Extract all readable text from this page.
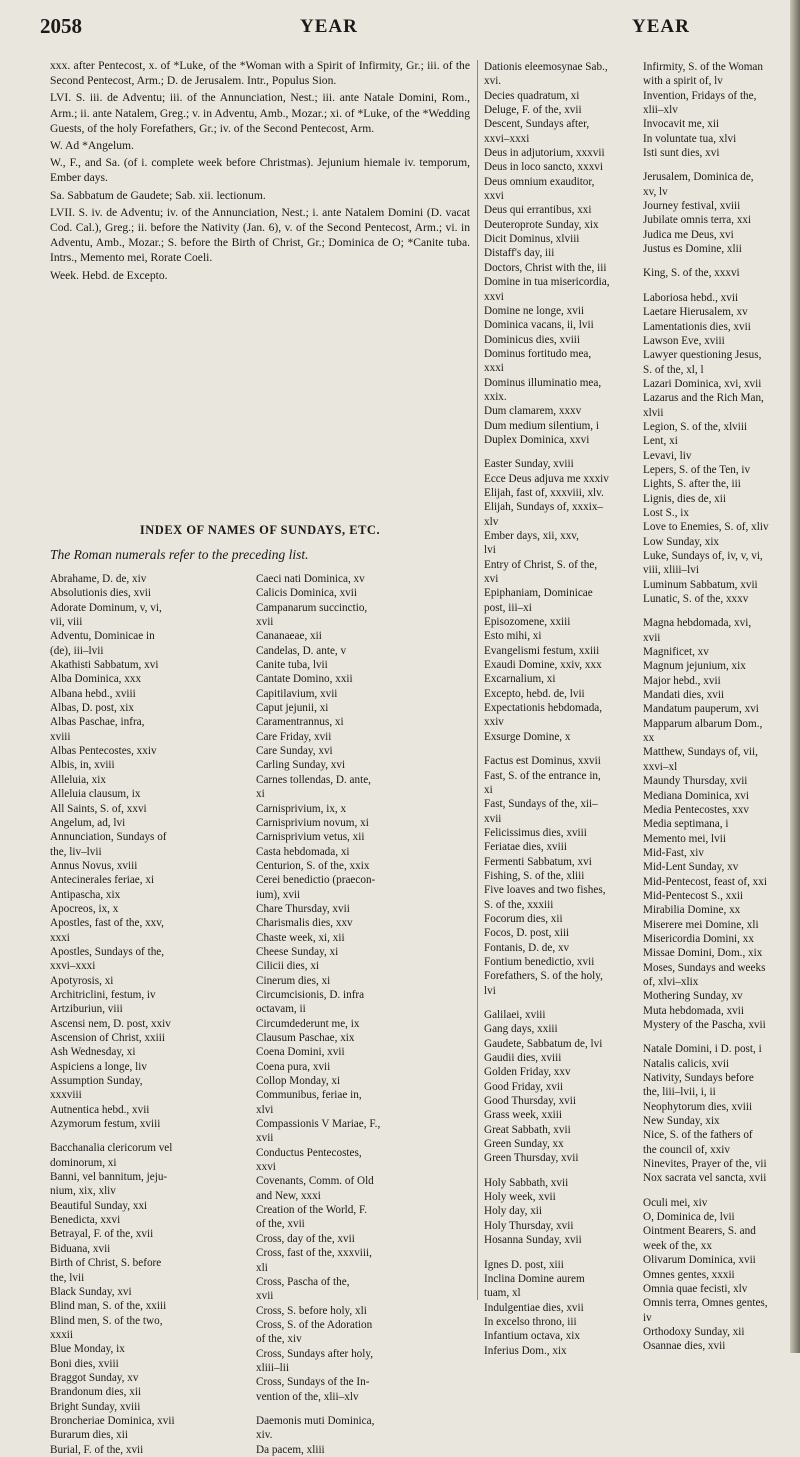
2058	YEAR	YEAR

xxx. after Pentecost, x. of *Luke, of the *Woman with a Spirit of Infirmity, Gr.; iii. of the Second Pentecost, Arm.; D. de Jerusalem. Intr., Populus Sion.

LVI. S. iii. de Adventu; iii. of the Annunciation, Nest.; iii. ante Natale Domini, Rom., Arm.; ii. ante Natalem, Greg.; v. in Adventu, Amb., Mozar.; xi. of *Luke, of the *Wedding Guests, of the holy Forefathers, Gr.; iv. of the Second Pentecost, Arm.

W. Ad *Angelum.

W., F., and Sa. (of i. complete week before Christmas). Jejunium hiemale iv. temporum, Ember days.

Sa. Sabbatum de Gaudete; Sab. xii. lectionum.

LVII. S. iv. de Adventu; iv. of the Annunciation, Nest.; i. ante Natalem Domini (D. vacat Cod. Cal.), Greg.; ii. before the Nativity (Jan. 6), v. of the Second Pentecost, Arm.; vi. in Adventu, Amb., Mozar.; S. before the Birth of Christ, Gr.; Dominica de O; *Canite tuba. Intrs., Memento mei, Rorate Coeli.

Week. Hebd. de Excepto.

INDEX OF NAMES OF SUNDAYS, ETC.
The Roman numerals refer to the preceding list.
Abrahame, D. de, xiv
Absolutionis dies, xvii
Adorate Dominum, v, vi,
vii, viii
Adventu, Dominicae in
(de), iii–lvii
Akathisti Sabbatum, xvi
Alba Dominica, xxx
Albana hebd., xviii
Albas, D. post, xix
Albas Paschae, infra,
xviii
Albas Pentecostes, xxiv
Albis, in, xviii
Alleluia, xix
Alleluia clausum, ix
All Saints, S. of, xxvi
Angelum, ad, lvi
Annunciation, Sundays of
the, liv–lvii
Annus Novus, xviii
Antecinerales feriae, xi
Antipascha, xix
Apocreos, ix, x
Apostles, fast of the, xxv,
xxxi
Apostles, Sundays of the,
xxvi–xxxi
Apotyrosis, xi
Architriclini, festum, iv
Artziburiun, viii
Ascensi nem, D. post, xxiv
Ascension of Christ, xxiii
Ash Wednesday, xi
Aspiciens a longe, liv
Assumption Sunday,
xxxviii
Autnentica hebd., xvii
Azymorum festum, xviii
Bacchanalia clericorum vel
dominorum, xi
Banni, vel bannitum, jeju-
nium, xix, xliv
Beautiful Sunday, xxi
Benedicta, xxvi
Betrayal, F. of the, xvii
Biduana, xvii
Birth of Christ, S. before
the, lvii
Black Sunday, xvi
Blind man, S. of the, xxiii
Blind men, S. of the two,
xxxii
Blue Monday, ix
Boni dies, xviii
Braggot Sunday, xv
Brandonum dies, xii
Bright Sunday, xviii
Broncheriae Dominica, xvii
Burarum dies, xii
Burial, F. of the, xvii
Caeci nati Dominica, xv
Calicis Dominica, xvii
Campanarum succinctio,
xvii
Cananaeae, xii
Candelas, D. ante, v
Canite tuba, lvii
Cantate Domino, xxii
Capitilavium, xvii
Caput jejunii, xi
Caramentrannus, xi
Care Friday, xvii
Care Sunday, xvi
Carling Sunday, xvi
Carnes tollendas, D. ante,
xi
Carnisprivium, ix, x
Carnisprivium novum, xi
Carnisprivium vetus, xii
Casta hebdomada, xi
Centurion, S. of the, xxix
Cerei benedictio (praecon-
ium), xvii
Chare Thursday, xvii
Charismalis dies, xxv
Chaste week, xi, xii
Cheese Sunday, xi
Cilicii dies, xi
Cinerum dies, xi
Circumcisionis, D. infra
octavam, ii
Circumdederunt me, ix
Clausum Paschae, xix
Coena Domini, xvii
Coena pura, xvii
Collop Monday, xi
Communibus, feriae in,
xlvi
Compassionis V Mariae, F.,
xvii
Conductus Pentecostes,
xxvi
Covenants, Comm. of Old
and New, xxxi
Creation of the World, F.
of the, xvii
Cross, day of the, xvii
Cross, fast of the, xxxviii,
xli
Cross, Pascha of the,
xvii
Cross, S. before holy, xli
Cross, S. of the Adoration
of the, xiv
Cross, Sundays after holy,
xliii–lii
Cross, Sundays of the In-
vention of the, xlii–xlv
Daemonis muti Dominica,
xiv.
Da pacem, xliii
Dationis eleemosynae Sab.,
xvi.
Decies quadratum, xi
Deluge, F. of the, xvii
Descent, Sundays after,
xxvi–xxxi
Deus in adjutorium, xxxvii
Deus in loco sancto, xxxvi
Deus omnium exauditor,
xxvi
Deus qui errantibus, xxi
Deuteroprote Sunday, xix
Dicit Dominus, xlviii
Distaff's day, iii
Doctors, Christ with the, iii
Domine in tua misericordia,
xxvi
Domine ne longe, xvii
Dominica vacans, ii, lvii
Dominicus dies, xviii
Dominus fortitudo mea,
xxxi
Dominus illuminatio mea,
xxix.
Dum clamarem, xxxv
Dum medium silentium, i
Duplex Dominica, xxvi
Easter Sunday, xviii
Ecce Deus adjuva me xxxiv
Elijah, fast of, xxxviii, xlv.
Elijah, Sundays of, xxxix–
xlv
Ember days, xii, xxv,
lvi
Entry of Christ, S. of the,
xvi
Epiphaniam, Dominicae
post, iii–xi
Episozomene, xxiii
Esto mihi, xi
Evangelismi festum, xxiii
Exaudi Domine, xxiv, xxx
Excarnalium, xi
Excepto, hebd. de, lvii
Expectationis hebdomada,
xxiv
Exsurge Domine, x
Factus est Dominus, xxvii
Fast, S. of the entrance in,
xi
Fast, Sundays of the, xii–
xvii
Felicissimus dies, xviii
Feriatae dies, xviii
Fermenti Sabbatum, xvi
Fishing, S. of the, xliii
Five loaves and two fishes,
S. of the, xxxiii
Focorum dies, xii
Focos, D. post, xiii
Fontanis, D. de, xv
Fontium benedictio, xvii
Forefathers, S. of the holy,
lvi
Galilaei, xviii
Gang days, xxiii
Gaudete, Sabbatum de, lvi
Gaudii dies, xviii
Golden Friday, xxv
Good Friday, xvii
Good Thursday, xvii
Grass week, xxiii
Great Sabbath, xvii
Green Sunday, xx
Green Thursday, xvii
Holy Sabbath, xvii
Holy week, xvii
Holy day, xii
Holy Thursday, xvii
Hosanna Sunday, xvii
Ignes D. post, xiii
Inclina Domine aurem
tuam, xl
Indulgentiae dies, xvii
In excelso throno, iii
Infantium octava, xix
Inferius Dom., xix
Infirmity, S. of the Woman
with a spirit of, lv
Invention, Fridays of the,
xlii–xlv
Invocavit me, xii
In voluntate tua, xlvi
Isti sunt dies, xvi
Jerusalem, Dominica de,
xv, lv
Journey festival, xviii
Jubilate omnis terra, xxi
Judica me Deus, xvi
Justus es Domine, xlii
King, S. of the, xxxvi
Laboriosa hebd., xvii
Laetare Hierusalem, xv
Lamentationis dies, xvii
Lawson Eve, xviii
Lawyer questioning Jesus,
S. of the, xl, l
Lazari Dominica, xvi, xvii
Lazarus and the Rich Man,
xlvii
Legion, S. of the, xlviii
Lent, xi
Levavi, liv
Lepers, S. of the Ten, iv
Lights, S. after the, iii
Lignis, dies de, xii
Lost S., ix
Love to Enemies, S. of, xliv
Low Sunday, xix
Luke, Sundays of, iv, v, vi,
viii, xliii–lvi
Luminum Sabbatum, xvii
Lunatic, S. of the, xxxv
Magna hebdomada, xvi,
xvii
Magnificet, xv
Magnum jejunium, xix
Major hebd., xvii
Mandati dies, xvii
Mandatum pauperum, xvi
Mapparum albarum Dom.,
xx
Matthew, Sundays of, vii,
xxvi–xl
Maundy Thursday, xvii
Mediana Dominica, xvi
Media Pentecostes, xxv
Media septimana, i
Memento mei, lvii
Mid-Fast, xiv
Mid-Lent Sunday, xv
Mid-Pentecost, feast of, xxi
Mid-Pentecost S., xxii
Mirabilia Domine, xx
Miserere mei Domine, xli
Misericordia Domini, xx
Missae Domini, Dom., xix
Moses, Sundays and weeks
of, xlvi–xlix
Mothering Sunday, xv
Muta hebdomada, xvii
Mystery of the Pascha, xvii
Natale Domini, i D. post, i
Natalis calicis, xvii
Nativity, Sundays before
the, liii–lvii, i, ii
Neophytorum dies, xviii
New Sunday, xix
Nice, S. of the fathers of
the council of, xxiv
Ninevites, Prayer of the, vii
Nox sacrata vel sancta, xvii
Oculi mei, xiv
O, Dominica de, lvii
Ointment Bearers, S. and
week of the, xx
Olivarum Dominica, xvii
Omnes gentes, xxxii
Omnia quae fecisti, xlv
Omnis terra, Omnes gentes,
iv
Orthodoxy Sunday, xii
Osannae dies, xvii
